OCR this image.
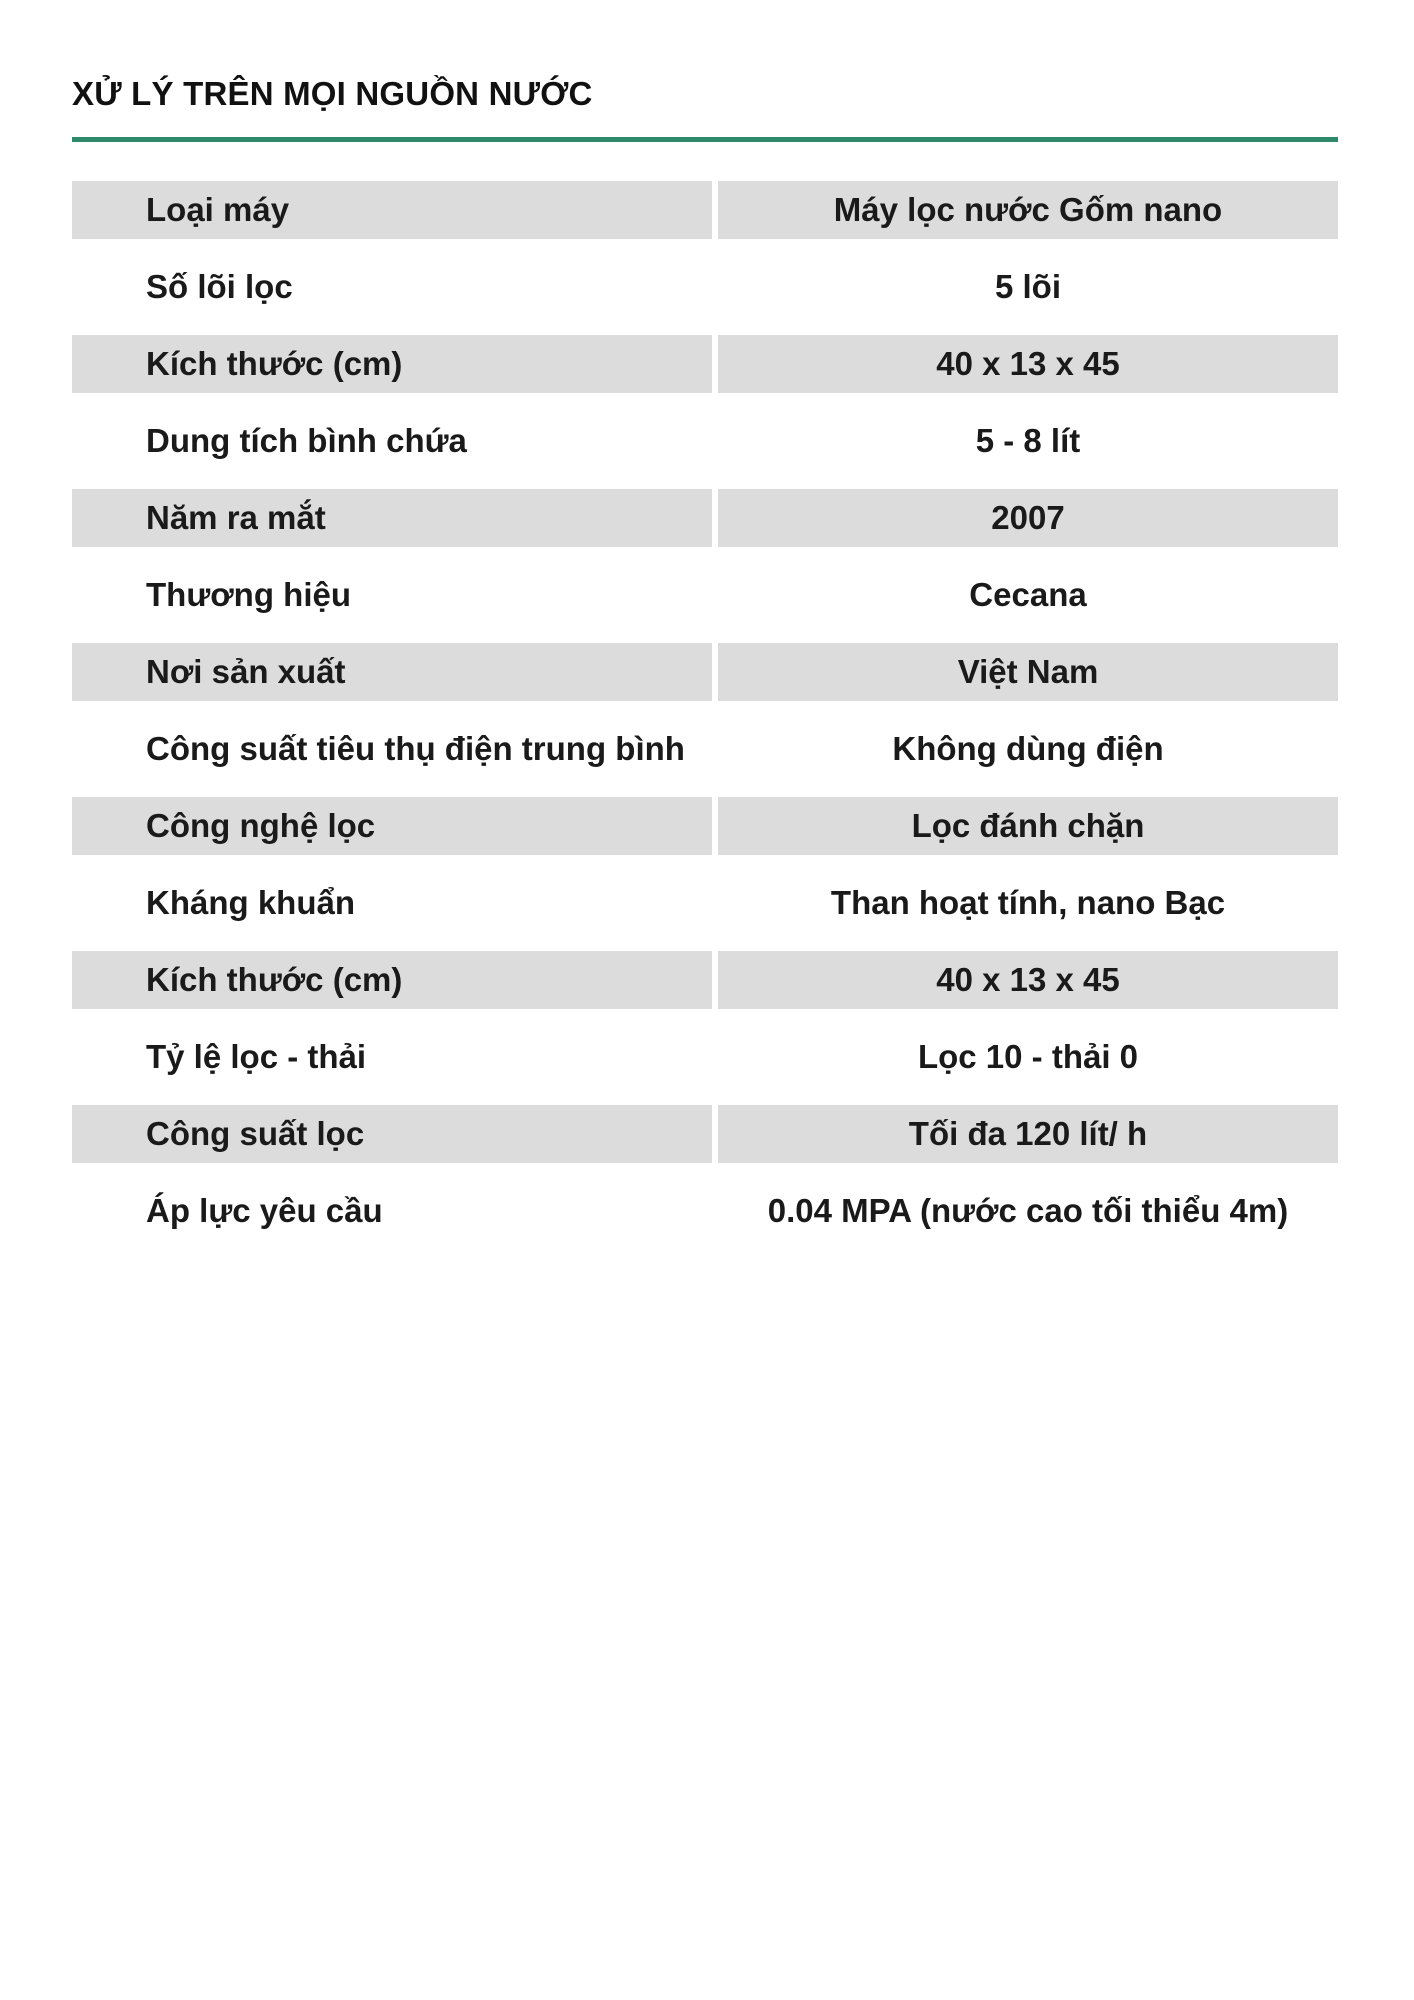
XỬ LÝ TRÊN MỌI NGUỒN NƯỚC
Loại máy	Máy lọc nước Gốm nano
Số lõi lọc	5 lõi
Kích thước (cm)	40 x 13 x 45
Dung tích bình chứa	5 - 8 lít
Năm ra mắt	2007
Thương hiệu	Cecana
Nơi sản xuất	Việt Nam
Công suất tiêu thụ điện trung bình	Không dùng điện
Công nghệ lọc	Lọc đánh chặn
Kháng khuẩn	Than hoạt tính, nano Bạc
Kích thước (cm)	40 x 13 x 45
Tỷ lệ lọc - thải	Lọc 10 - thải 0
Công suất lọc	Tối đa 120 lít/ h
Áp lực yêu cầu	0.04 MPA (nước cao tối thiểu 4m)
